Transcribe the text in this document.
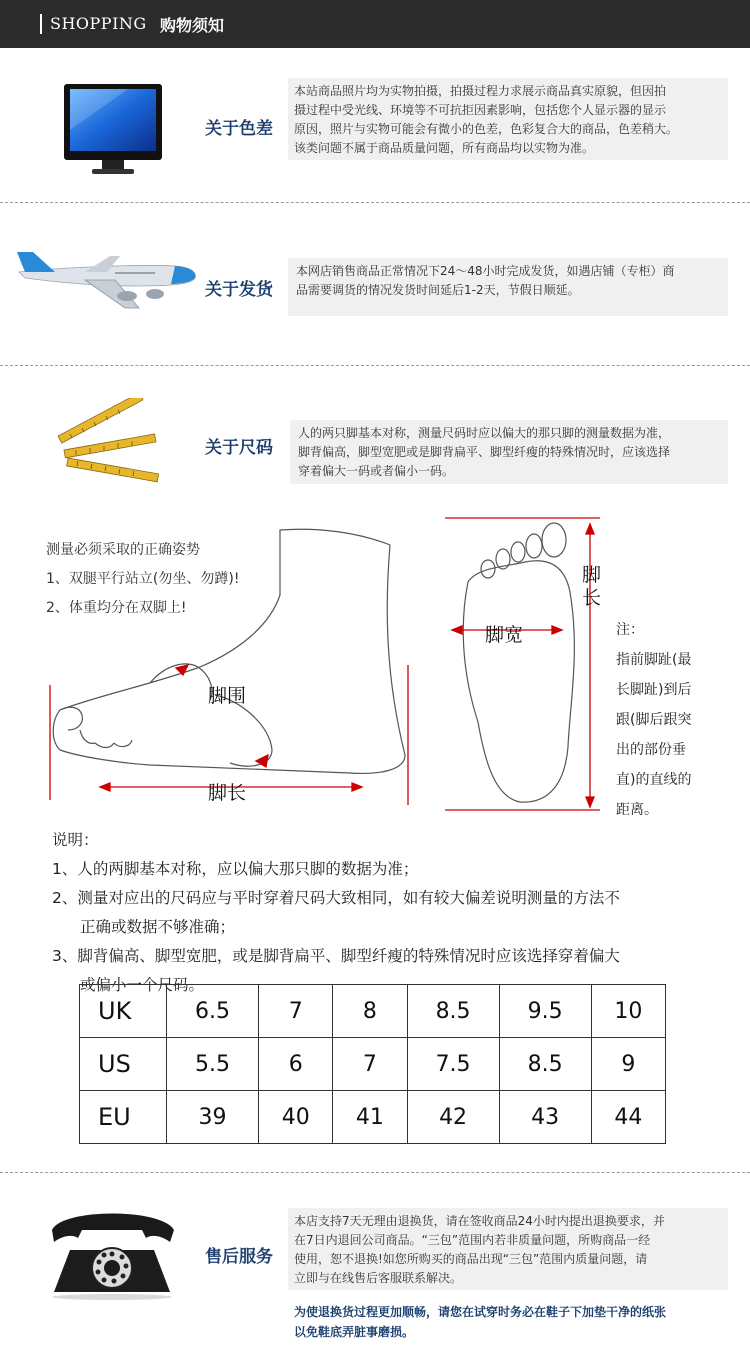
SHOPPING 购物须知
关于色差

本站商品照片均为实物拍摄，拍摄过程力求展示商品真实原貌，但因拍

摄过程中受光线、环境等不可抗拒因素影响，包括您个人显示器的显示

原因，照片与实物可能会有微小的色差，色彩复合大的商品，色差稍大。

该类问题不属于商品质量问题，所有商品均以实物为准。

关于发货

本网店销售商品正常情况下24～48小时完成发货，如遇店铺（专柜）商

品需要调货的情况发货时间延后1-2天，节假日顺延。

关于尺码

人的两只脚基本对称，测量尺码时应以偏大的那只脚的测量数据为准，

脚背偏高，脚型宽肥或是脚背扁平、脚型纤瘦的特殊情况时，应该选择

穿着偏大一码或者偏小一码。

测量必须采取的正确姿势
1、双腿平行站立(勿坐、勿蹲)!
2、体重均分在双脚上!
脚围
脚长
脚宽
脚
长
注：
指前脚趾(最
长脚趾)到后
跟(脚后跟突
出的部份垂
直)的直线的
距离。
说明：
1、人的两脚基本对称，应以偏大那只脚的数据为准；
2、测量对应出的尺码应与平时穿着尺码大致相同，如有较大偏差说明测量的方法不
正确或数据不够准确；
3、脚背偏高、脚型宽肥，或是脚背扁平、脚型纤瘦的特殊情况时应该选择穿着偏大
或偏小一个尺码。
UK	6.5	7	8	8.5	9.5	10
US	5.5	6	7	7.5	8.5	9
EU	39	40	41	42	43	44
售后服务

本店支持7天无理由退换货，请在签收商品24小时内提出退换要求，并

在7日内退回公司商品。“三包”范围内若非质量问题，所购商品一经

使用，恕不退换!如您所购买的商品出现“三包”范围内质量问题，请

立即与在线售后客服联系解决。

为使退换货过程更加顺畅，请您在试穿时务必在鞋子下加垫干净的纸张
以免鞋底弄脏事磨损。
